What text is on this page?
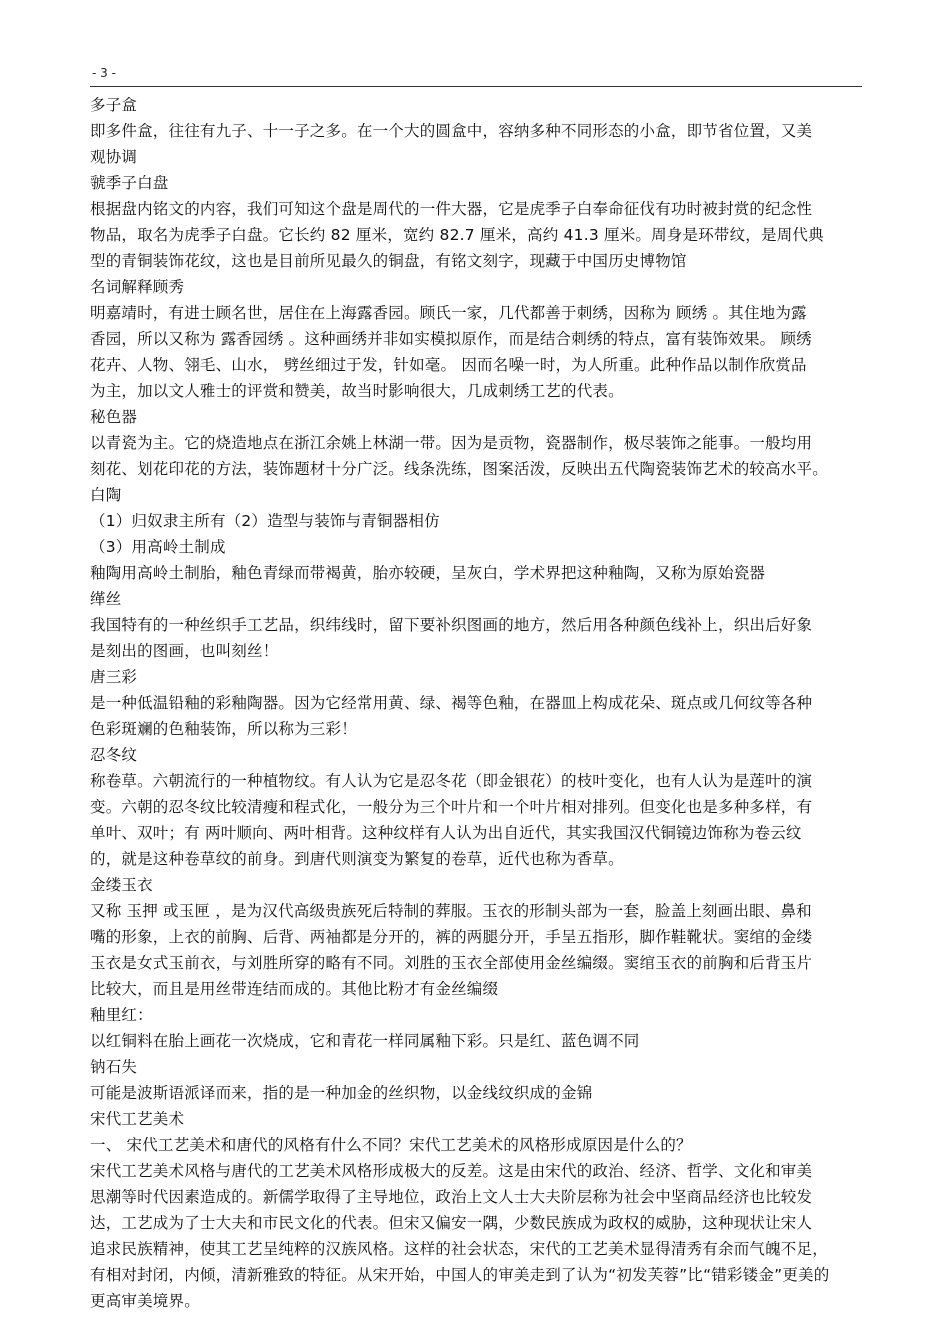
- 3 -

多子盒

即多件盒，往往有九子、十一子之多。在一个大的圆盒中，容纳多种不同形态的小盒，即节省位置，又美

观协调

虢季子白盘

根据盘内铭文的内容，我们可知这个盘是周代的一件大器，它是虎季子白奉命征伐有功时被封赏的纪念性

物品，取名为虎季子白盘。它长约 82 厘米，宽约 82.7 厘米，高约 41.3 厘米。周身是环带纹，是周代典

型的青铜装饰花纹，这也是目前所见最久的铜盘，有铭文刻字，现藏于中国历史博物馆

名词解释顾秀

明嘉靖时，有进士顾名世，居住在上海露香园。顾氏一家，几代都善于刺绣，因称为 顾绣 。其住地为露

香园，所以又称为 露香园绣 。这种画绣并非如实模拟原作，而是结合刺绣的特点，富有装饰效果。 顾绣

花卉、人物、翎毛、山水， 劈丝细过于发，针如毫。 因而名噪一时，为人所重。此种作品以制作欣赏品

为主，加以文人雅士的评赏和赞美，故当时影响很大，几成刺绣工艺的代表。

秘色器

以青瓷为主。它的烧造地点在浙江余姚上林湖一带。因为是贡物，瓷器制作，极尽装饰之能事。一般均用

刻花、划花印花的方法，装饰题材十分广泛。线条洗练，图案活泼，反映出五代陶瓷装饰艺术的较高水平。

白陶

（1）归奴隶主所有（2）造型与装饰与青铜器相仿

（3）用高岭土制成

釉陶用高岭土制胎，釉色青绿而带褐黄，胎亦较硬，呈灰白，学术界把这种釉陶，又称为原始瓷器

缂丝

我国特有的一种丝织手工艺品，织纬线时，留下要补织图画的地方，然后用各种颜色线补上，织出后好象

是刻出的图画，也叫刻丝！

唐三彩

是一种低温铅釉的彩釉陶器。因为它经常用黄、绿、褐等色釉，在器皿上构成花朵、斑点或几何纹等各种

色彩斑斓的色釉装饰，所以称为三彩！

忍冬纹

称卷草。六朝流行的一种植物纹。有人认为它是忍冬花（即金银花）的枝叶变化，也有人认为是莲叶的演

变。六朝的忍冬纹比较清瘦和程式化，一般分为三个叶片和一个叶片相对排列。但变化也是多种多样，有

单叶、双叶；有 两叶顺向、两叶相背。这种纹样有人认为出自近代，其实我国汉代铜镜边饰称为卷云纹

的，就是这种卷草纹的前身。到唐代则演变为繁复的卷草，近代也称为香草。

金缕玉衣

又称 玉押 或玉匣 ，是为汉代高级贵族死后特制的葬服。玉衣的形制头部为一套，脸盖上刻画出眼、鼻和

嘴的形象，上衣的前胸、后背、两袖都是分开的，裤的两腿分开，手呈五指形，脚作鞋靴状。窦绾的金缕

玉衣是女式玉前衣，与刘胜所穿的略有不同。刘胜的玉衣全部使用金丝编缀。窦绾玉衣的前胸和后背玉片

比较大，而且是用丝带连结而成的。其他比粉才有金丝编缀

釉里红：

以红铜料在胎上画花一次烧成，它和青花一样同属釉下彩。只是红、蓝色调不同

钠石失

可能是波斯语派译而来，指的是一种加金的丝织物，以金线纹织成的金锦

宋代工艺美术

一、 宋代工艺美术和唐代的风格有什么不同？宋代工艺美术的风格形成原因是什么的？

宋代工艺美术风格与唐代的工艺美术风格形成极大的反差。这是由宋代的政治、经济、哲学、文化和审美

思潮等时代因素造成的。新儒学取得了主导地位，政治上文人士大夫阶层称为社会中坚商品经济也比较发

达，工艺成为了士大夫和市民文化的代表。但宋又偏安一隅，少数民族成为政权的威胁，这种现状让宋人

追求民族精神，使其工艺呈纯粹的汉族风格。这样的社会状态，宋代的工艺美术显得清秀有余而气魄不足，

有相对封闭，内倾，清新雅致的特征。从宋开始，中国人的审美走到了认为“初发芙蓉”比“错彩镂金”更美的

更高审美境界。
